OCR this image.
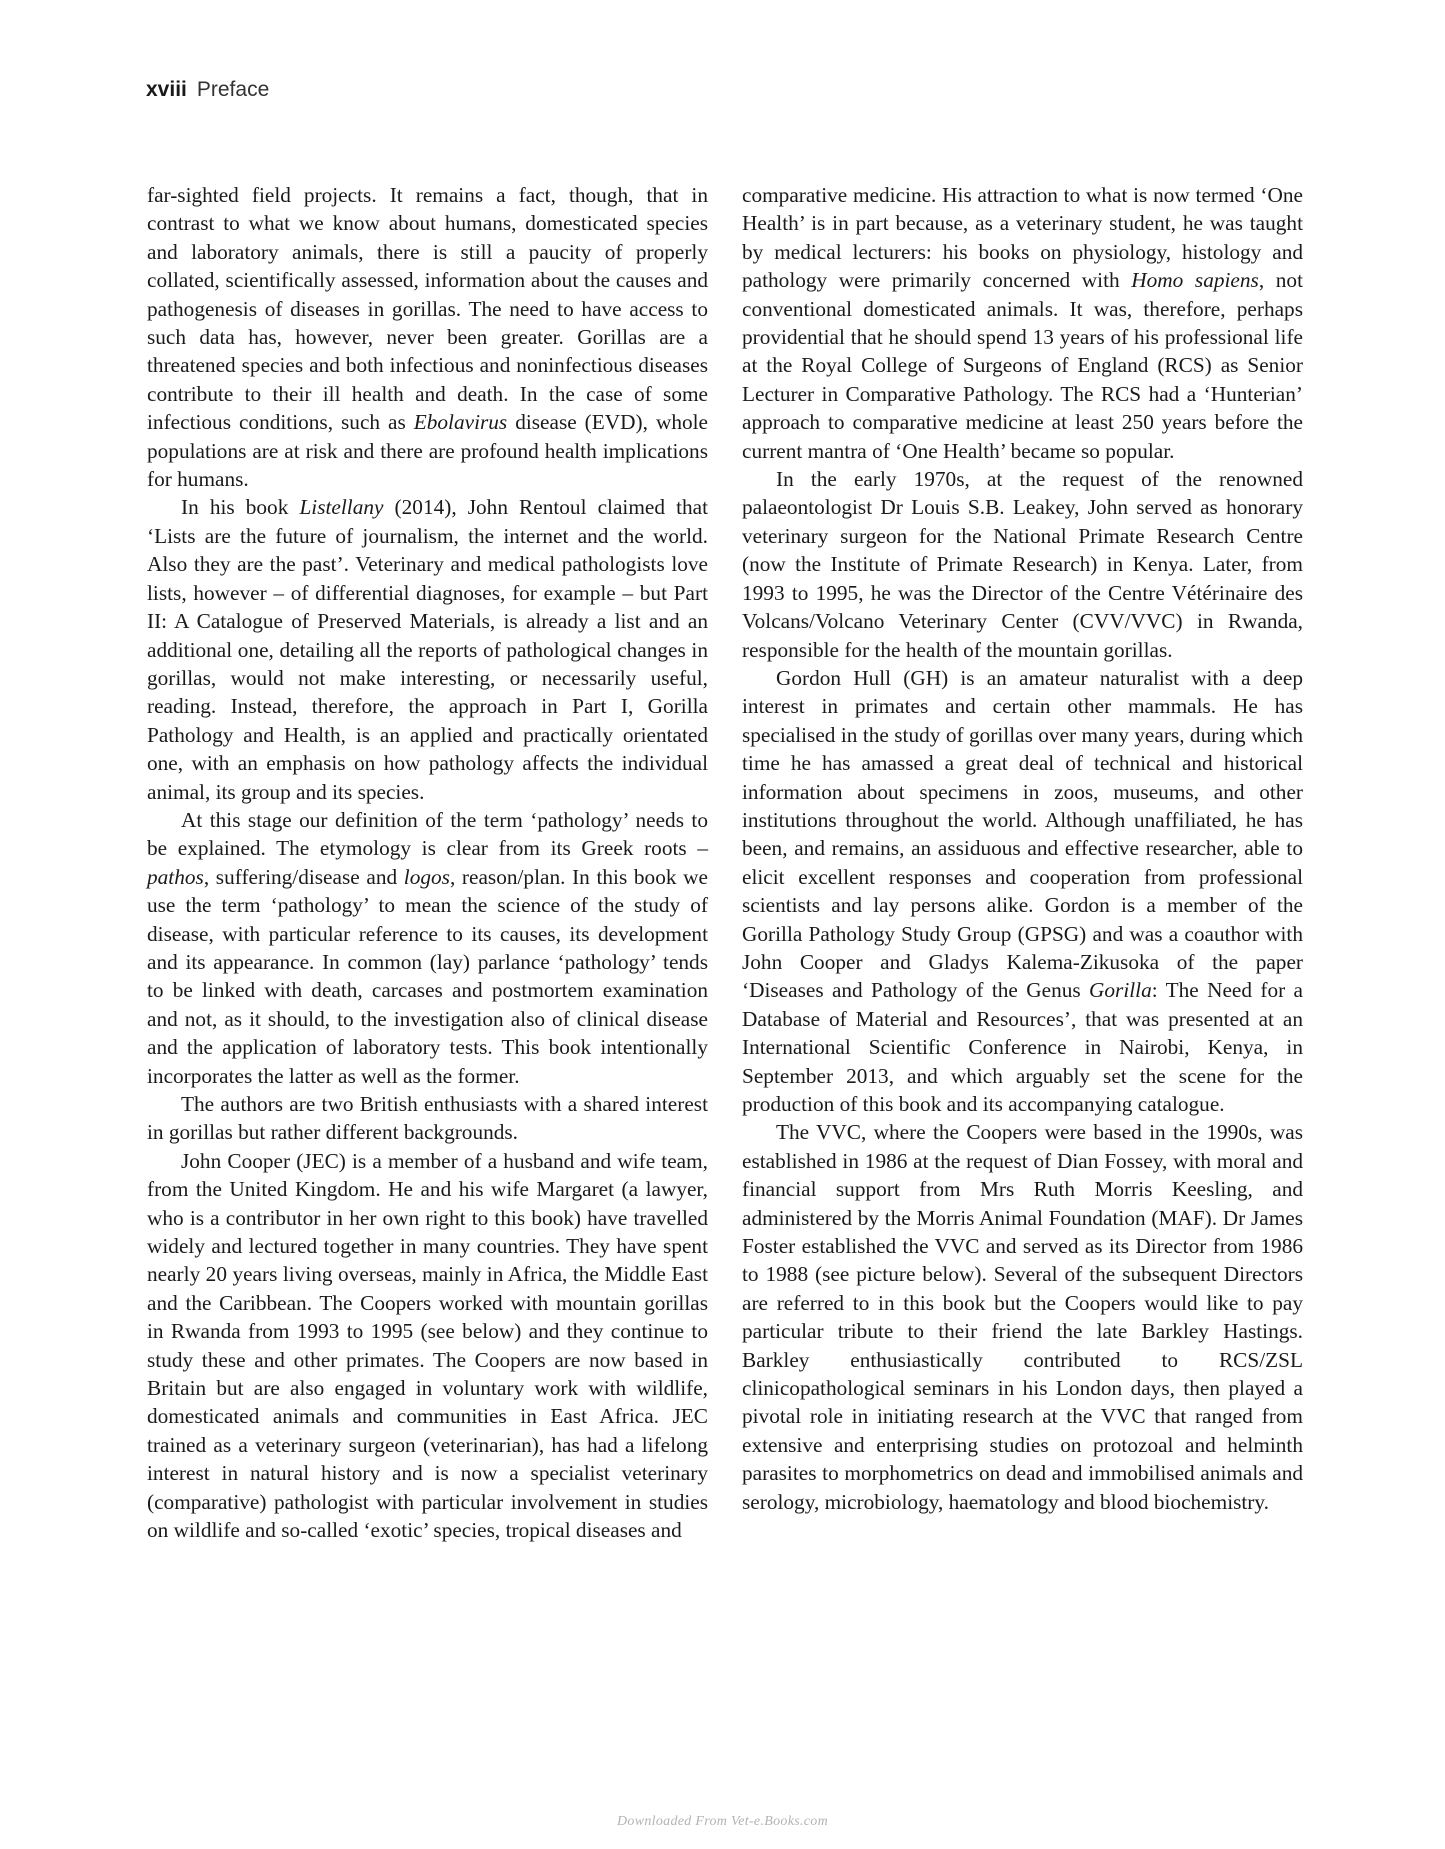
xviii Preface

far-sighted field projects. It remains a fact, though, that in contrast to what we know about humans, domesticated species and laboratory animals, there is still a paucity of properly collated, scientifically assessed, information about the causes and pathogenesis of diseases in gorillas. The need to have access to such data has, however, never been greater. Gorillas are a threatened species and both infectious and noninfectious diseases contribute to their ill health and death. In the case of some infectious conditions, such as Ebolavirus disease (EVD), whole populations are at risk and there are profound health implications for humans.

In his book Listellany (2014), John Rentoul claimed that ‘Lists are the future of journalism, the internet and the world. Also they are the past’. Veterinary and medical pathologists love lists, however – of differential diagnoses, for example – but Part II: A Catalogue of Preserved Materials, is already a list and an additional one, detailing all the reports of pathological changes in gorillas, would not make interesting, or necessarily useful, reading. Instead, therefore, the approach in Part I, Gorilla Pathology and Health, is an applied and practically orientated one, with an emphasis on how pathology affects the individual animal, its group and its species.

At this stage our definition of the term ‘pathology’ needs to be explained. The etymology is clear from its Greek roots – pathos, suffering/disease and logos, reason/plan. In this book we use the term ‘pathology’ to mean the science of the study of disease, with particular reference to its causes, its development and its appearance. In common (lay) parlance ‘pathology’ tends to be linked with death, carcases and postmortem examination and not, as it should, to the investigation also of clinical disease and the application of laboratory tests. This book intentionally incorporates the latter as well as the former.

The authors are two British enthusiasts with a shared interest in gorillas but rather different backgrounds.

John Cooper (JEC) is a member of a husband and wife team, from the United Kingdom. He and his wife Margaret (a lawyer, who is a contributor in her own right to this book) have travelled widely and lectured together in many countries. They have spent nearly 20 years living overseas, mainly in Africa, the Middle East and the Caribbean. The Coopers worked with mountain gorillas in Rwanda from 1993 to 1995 (see below) and they continue to study these and other primates. The Coopers are now based in Britain but are also engaged in voluntary work with wildlife, domesticated animals and communities in East Africa. JEC trained as a veterinary surgeon (veterinarian), has had a lifelong interest in natural history and is now a specialist veterinary (comparative) pathologist with particular involvement in studies on wildlife and so-called ‘exotic’ species, tropical diseases and

comparative medicine. His attraction to what is now termed ‘One Health’ is in part because, as a veterinary student, he was taught by medical lecturers: his books on physiology, histology and pathology were primarily concerned with Homo sapiens, not conventional domesticated animals. It was, therefore, perhaps providential that he should spend 13 years of his professional life at the Royal College of Surgeons of England (RCS) as Senior Lecturer in Comparative Pathology. The RCS had a ‘Hunterian’ approach to comparative medicine at least 250 years before the current mantra of ‘One Health’ became so popular.

In the early 1970s, at the request of the renowned palaeontologist Dr Louis S.B. Leakey, John served as honorary veterinary surgeon for the National Primate Research Centre (now the Institute of Primate Research) in Kenya. Later, from 1993 to 1995, he was the Director of the Centre Vétérinaire des Volcans/Volcano Veterinary Center (CVV/VVC) in Rwanda, responsible for the health of the mountain gorillas.

Gordon Hull (GH) is an amateur naturalist with a deep interest in primates and certain other mammals. He has specialised in the study of gorillas over many years, during which time he has amassed a great deal of technical and historical information about specimens in zoos, museums, and other institutions throughout the world. Although unaffiliated, he has been, and remains, an assiduous and effective researcher, able to elicit excellent responses and cooperation from professional scientists and lay persons alike. Gordon is a member of the Gorilla Pathology Study Group (GPSG) and was a coauthor with John Cooper and Gladys Kalema-Zikusoka of the paper ‘Diseases and Pathology of the Genus Gorilla: The Need for a Database of Material and Resources’, that was presented at an International Scientific Conference in Nairobi, Kenya, in September 2013, and which arguably set the scene for the production of this book and its accompanying catalogue.

The VVC, where the Coopers were based in the 1990s, was established in 1986 at the request of Dian Fossey, with moral and financial support from Mrs Ruth Morris Keesling, and administered by the Morris Animal Foundation (MAF). Dr James Foster established the VVC and served as its Director from 1986 to 1988 (see picture below). Several of the subsequent Directors are referred to in this book but the Coopers would like to pay particular tribute to their friend the late Barkley Hastings. Barkley enthusiastically contributed to RCS/ZSL clinicopathological seminars in his London days, then played a pivotal role in initiating research at the VVC that ranged from extensive and enterprising studies on protozoal and helminth parasites to morphometrics on dead and immobilised animals and serology, microbiology, haematology and blood biochemistry.

Downloaded From Vet-e.Books.com
